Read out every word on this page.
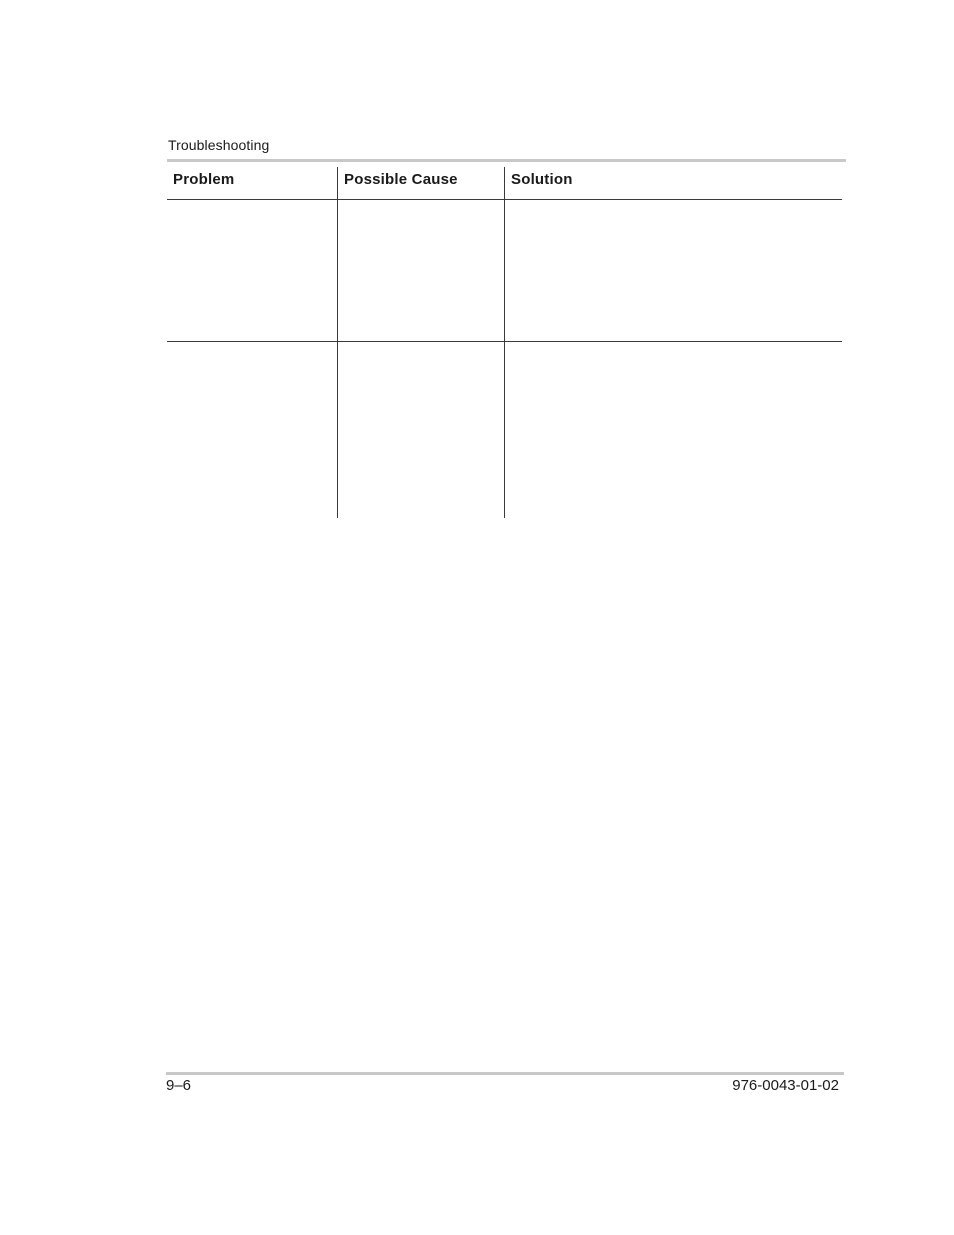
Troubleshooting
Problem	Possible Cause	Solution
9–6	976-0043-01-02
